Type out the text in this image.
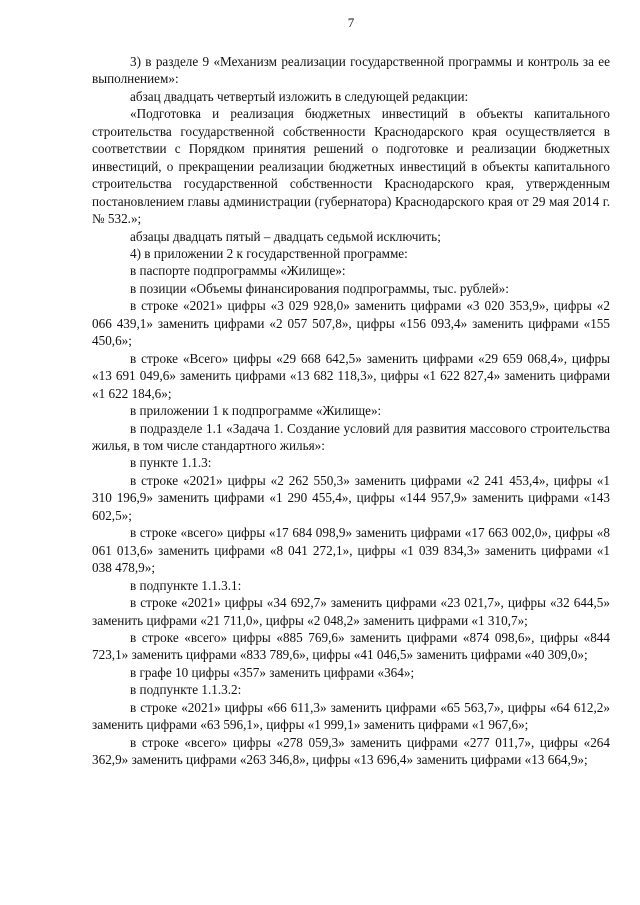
7

3) в разделе 9 «Механизм реализации государственной программы и контроль за ее выполнением»:

абзац двадцать четвертый изложить в следующей редакции:

«Подготовка и реализация бюджетных инвестиций в объекты капитального строительства государственной собственности Краснодарского края осуществляется в соответствии с Порядком принятия решений о подготовке и реализации бюджетных инвестиций, о прекращении реализации бюджетных инвестиций в объекты капитального строительства государственной собственности Краснодарского края, утвержденным постановлением главы администрации (губернатора) Краснодарского края от 29 мая 2014 г. № 532.»;

абзацы двадцать пятый – двадцать седьмой исключить;

4) в приложении 2 к государственной программе:

в паспорте подпрограммы «Жилище»:

в позиции «Объемы финансирования подпрограммы, тыс. рублей»:

в строке «2021» цифры «3 029 928,0» заменить цифрами «3 020 353,9», цифры «2 066 439,1» заменить цифрами «2 057 507,8», цифры «156 093,4» заменить цифрами «155 450,6»;

в строке «Всего» цифры «29 668 642,5» заменить цифрами «29 659 068,4», цифры «13 691 049,6» заменить цифрами «13 682 118,3», цифры «1 622 827,4» заменить цифрами «1 622 184,6»;

в приложении 1 к подпрограмме «Жилище»:

в подразделе 1.1 «Задача 1. Создание условий для развития массового строительства жилья, в том числе стандартного жилья»:

в пункте 1.1.3:

в строке «2021» цифры «2 262 550,3» заменить цифрами «2 241 453,4», цифры «1 310 196,9» заменить цифрами «1 290 455,4», цифры «144 957,9» заменить цифрами «143 602,5»;

в строке «всего» цифры «17 684 098,9» заменить цифрами «17 663 002,0», цифры «8 061 013,6» заменить цифрами «8 041 272,1», цифры «1 039 834,3» заменить цифрами «1 038 478,9»;

в подпункте 1.1.3.1:

в строке «2021» цифры «34 692,7» заменить цифрами «23 021,7», цифры «32 644,5» заменить цифрами «21 711,0», цифры «2 048,2» заменить цифрами «1 310,7»;

в строке «всего» цифры «885 769,6» заменить цифрами «874 098,6», цифры «844 723,1» заменить цифрами «833 789,6», цифры «41 046,5» заменить цифрами «40 309,0»;

в графе 10 цифры «357» заменить цифрами «364»;

в подпункте 1.1.3.2:

в строке «2021» цифры «66 611,3» заменить цифрами «65 563,7», цифры «64 612,2» заменить цифрами «63 596,1», цифры «1 999,1» заменить цифрами «1 967,6»;

в строке «всего» цифры «278 059,3» заменить цифрами «277 011,7», цифры «264 362,9» заменить цифрами «263 346,8», цифры «13 696,4» заменить цифрами «13 664,9»;
